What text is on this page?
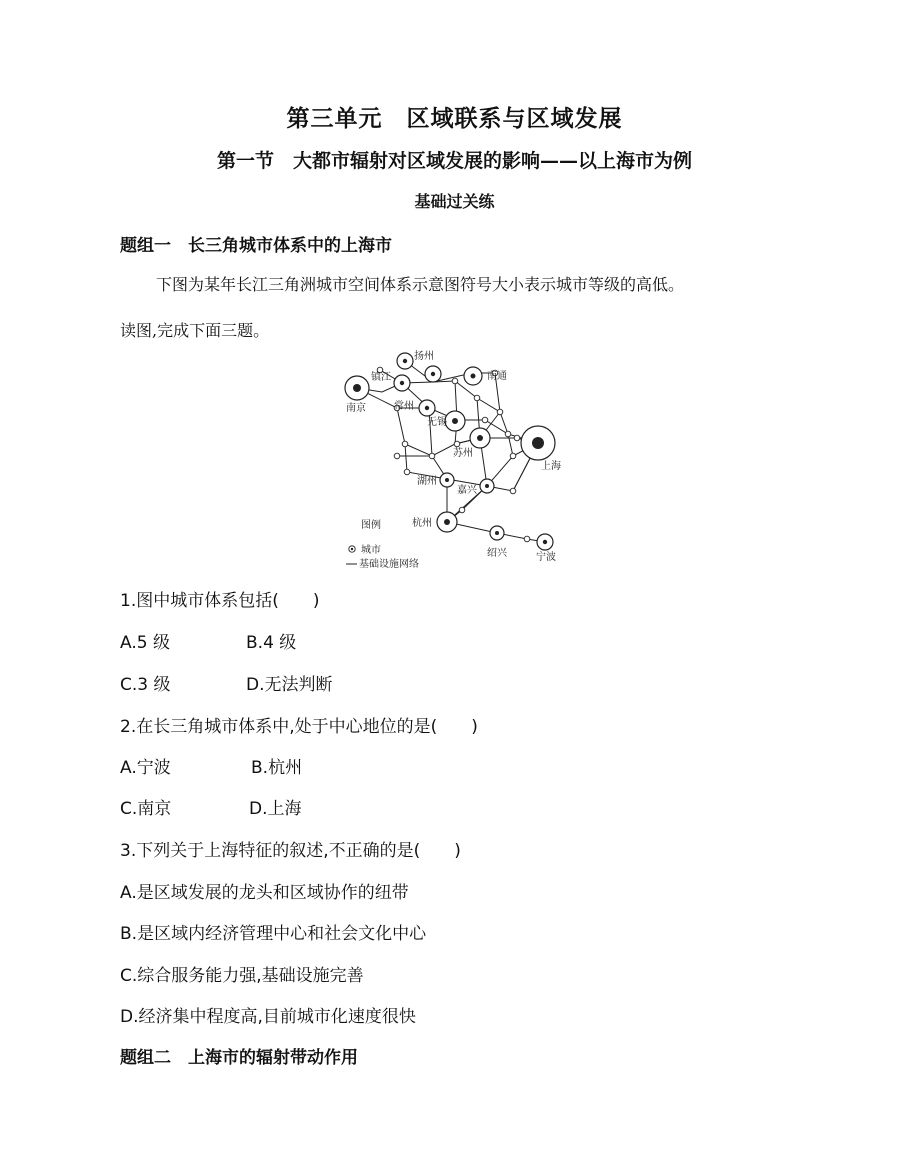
第三单元　区域联系与区域发展
第一节　大都市辐射对区域发展的影响——以上海市为例
基础过关练
题组一　长三角城市体系中的上海市
下图为某年长江三角洲城市空间体系示意图符号大小表示城市等级的高低。
读图,完成下面三题。
扬州
镇江	南通
南京	常州
无锡
苏州
上海
湖州
嘉兴
杭州
绍兴	宁波
图例
城市
基础设施网络
1.图中城市体系包括(　　)
A.5 级	B.4 级
C.3 级	D.无法判断
2.在长三角城市体系中,处于中心地位的是(　　)
A.宁波	B.杭州
C.南京	D.上海
3.下列关于上海特征的叙述,不正确的是(　　)
A.是区域发展的龙头和区域协作的纽带
B.是区域内经济管理中心和社会文化中心
C.综合服务能力强,基础设施完善
D.经济集中程度高,目前城市化速度很快
题组二　上海市的辐射带动作用
